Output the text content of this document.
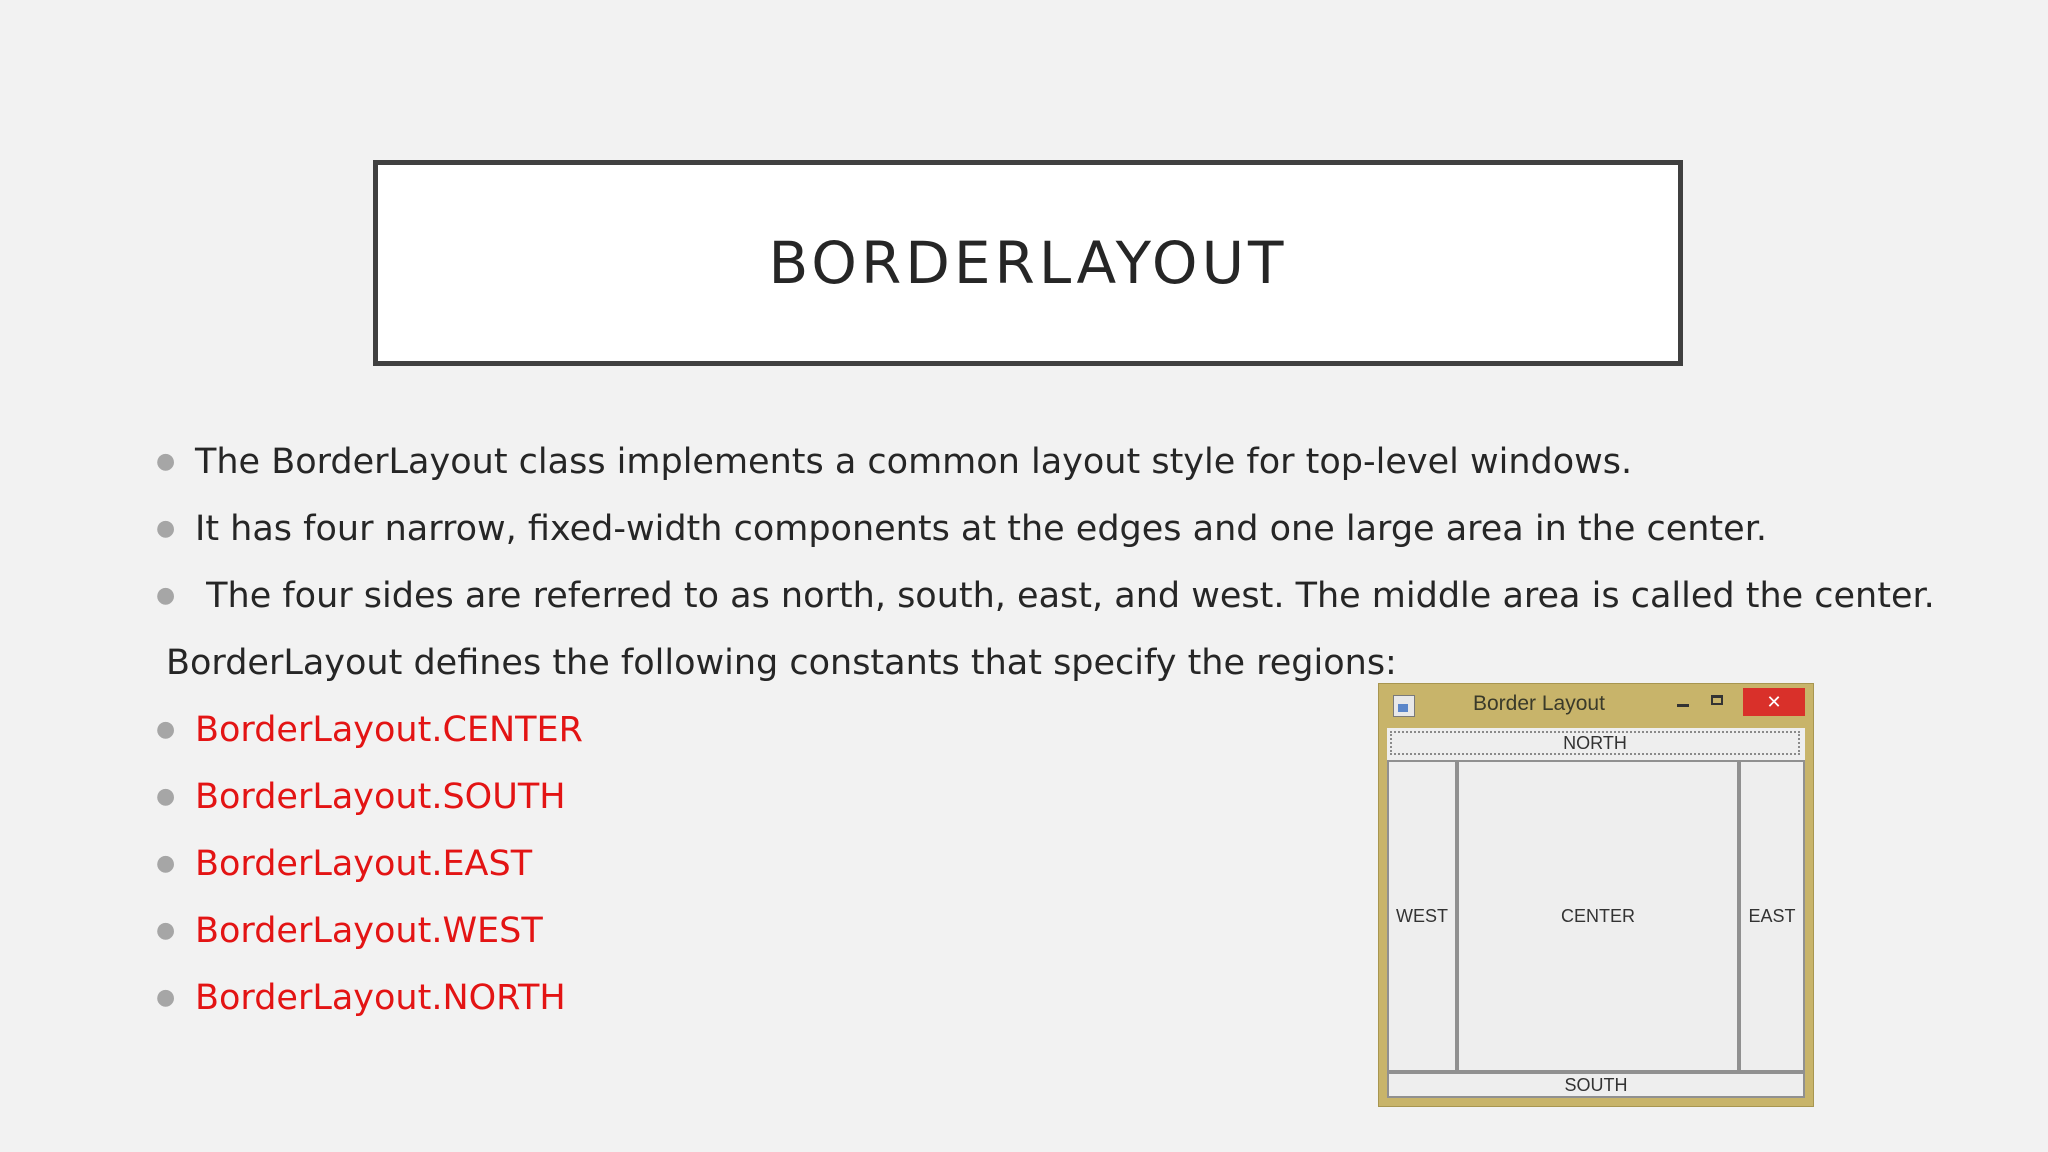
BORDERLAYOUT
● The BorderLayout class implements a common layout style for top-level windows.
● It has four narrow, fixed-width components at the edges and one large area in the center.
● The four sides are referred to as north, south, east, and west. The middle area is called the center.
BorderLayout defines the following constants that specify the regions:
● BorderLayout.CENTER
● BorderLayout.SOUTH
● BorderLayout.EAST
● BorderLayout.WEST
● BorderLayout.NORTH
Border Layout	✕
NORTH
WEST	CENTER	EAST
SOUTH
